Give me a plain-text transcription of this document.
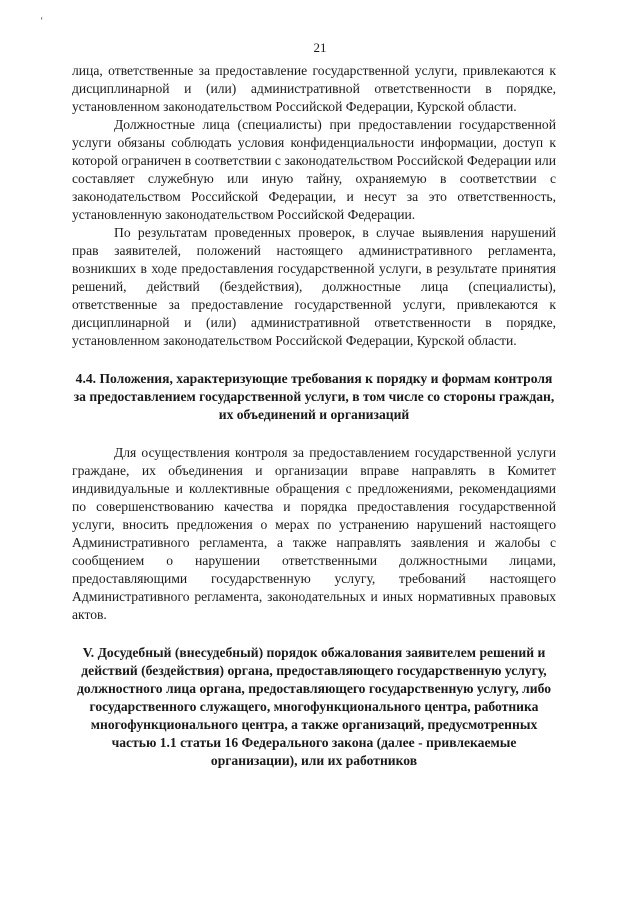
ʻ
21

лица, ответственные за предоставление государственной услуги, привлекаются к дисциплинарной и (или) административной ответственности в порядке, установленном законодательством Российской Федерации, Курской области.

Должностные лица (специалисты) при предоставлении государственной услуги обязаны соблюдать условия конфиденциальности информации, доступ к которой ограничен в соответствии с законодательством Российской Федерации или составляет служебную или иную тайну, охраняемую в соответствии с законодательством Российской Федерации, и несут за это ответственность, установленную законодательством Российской Федерации.

По результатам проведенных проверок, в случае выявления нарушений прав заявителей, положений настоящего административного регламента, возникших в ходе предоставления государственной услуги, в результате принятия решений, действий (бездействия), должностные лица (специалисты), ответственные за предоставление государственной услуги, привлекаются к дисциплинарной и (или) административной ответственности в порядке, установленном законодательством Российской Федерации, Курской области.

4.4. Положения, характеризующие требования к порядку и формам контроля за предоставлением государственной услуги, в том числе со стороны граждан, их объединений и организаций

Для осуществления контроля за предоставлением государственной услуги граждане, их объединения и организации вправе направлять в Комитет индивидуальные и коллективные обращения с предложениями, рекомендациями по совершенствованию качества и порядка предоставления государственной услуги, вносить предложения о мерах по устранению нарушений настоящего Административного регламента, а также направлять заявления и жалобы с сообщением о нарушении ответственными должностными лицами, предоставляющими государственную услугу, требований настоящего Административного регламента, законодательных и иных нормативных правовых актов.

V. Досудебный (внесудебный) порядок обжалования заявителем решений и действий (бездействия) органа, предоставляющего государственную услугу, должностного лица органа, предоставляющего государственную услугу, либо государственного служащего, многофункционального центра, работника многофункционального центра, а также организаций, предусмотренных частью 1.1 статьи 16 Федерального закона (далее - привлекаемые организации), или их работников
